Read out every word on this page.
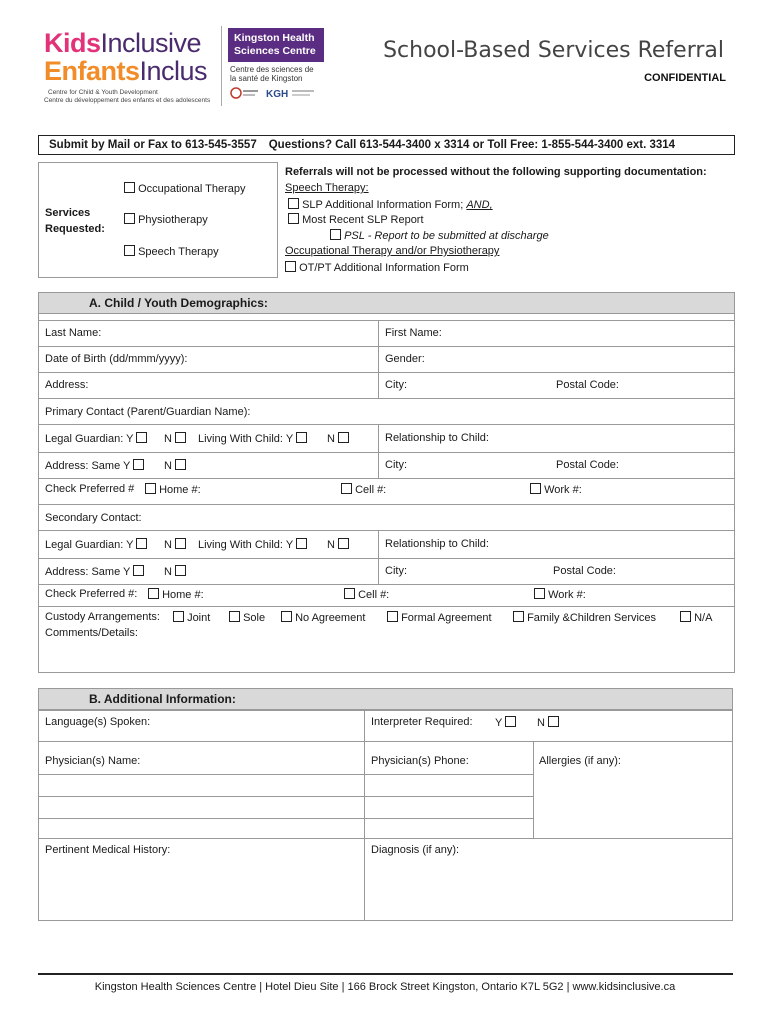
KidsInclusive
EnfantsInclus
Centre for Child & Youth Development
Centre du développement des enfants et des adolescents
Kingston Health
Sciences Centre
Centre des sciences de
la santé de Kingston
KGH
School-Based Services Referral
CONFIDENTIAL
Submit by Mail or Fax to 613-545-3557	Questions? Call 613-544-3400 x 3314 or Toll Free: 1-855-544-3400 ext. 3314
Services
Requested:
Occupational Therapy
Physiotherapy
Speech Therapy
Referrals will not be processed without the following supporting documentation:
Speech Therapy:
SLP Additional Information Form; AND,
Most Recent SLP Report
PSL - Report to be submitted at discharge
Occupational Therapy and/or Physiotherapy
OT/PT Additional Information Form
A. Child / Youth Demographics:
Last Name:	First Name:
Date of Birth (dd/mmm/yyyy):	Gender:
Address:	City:	Postal Code:
Primary Contact (Parent/Guardian Name):
Legal Guardian: Y	N	Living With Child: Y	N	Relationship to Child:
Address: Same Y	N	City:	Postal Code:
Check Preferred #	Home #:	Cell #:	Work #:
Secondary Contact:
Legal Guardian: Y	N	Living With Child: Y	N	Relationship to Child:
Address: Same Y	N	City:	Postal Code:
Check Preferred #:	Home #:	Cell #:	Work #:
Custody Arrangements:	Joint	Sole	No Agreement	Formal Agreement	Family &Children Services	N/A
Comments/Details:
B. Additional Information:
Language(s) Spoken:	Interpreter Required: Y	N
Physician(s) Name:	Physician(s) Phone:	Allergies (if any):
Pertinent Medical History:	Diagnosis (if any):
Kingston Health Sciences Centre | Hotel Dieu Site | 166 Brock Street Kingston, Ontario K7L 5G2 | www.kidsinclusive.ca
